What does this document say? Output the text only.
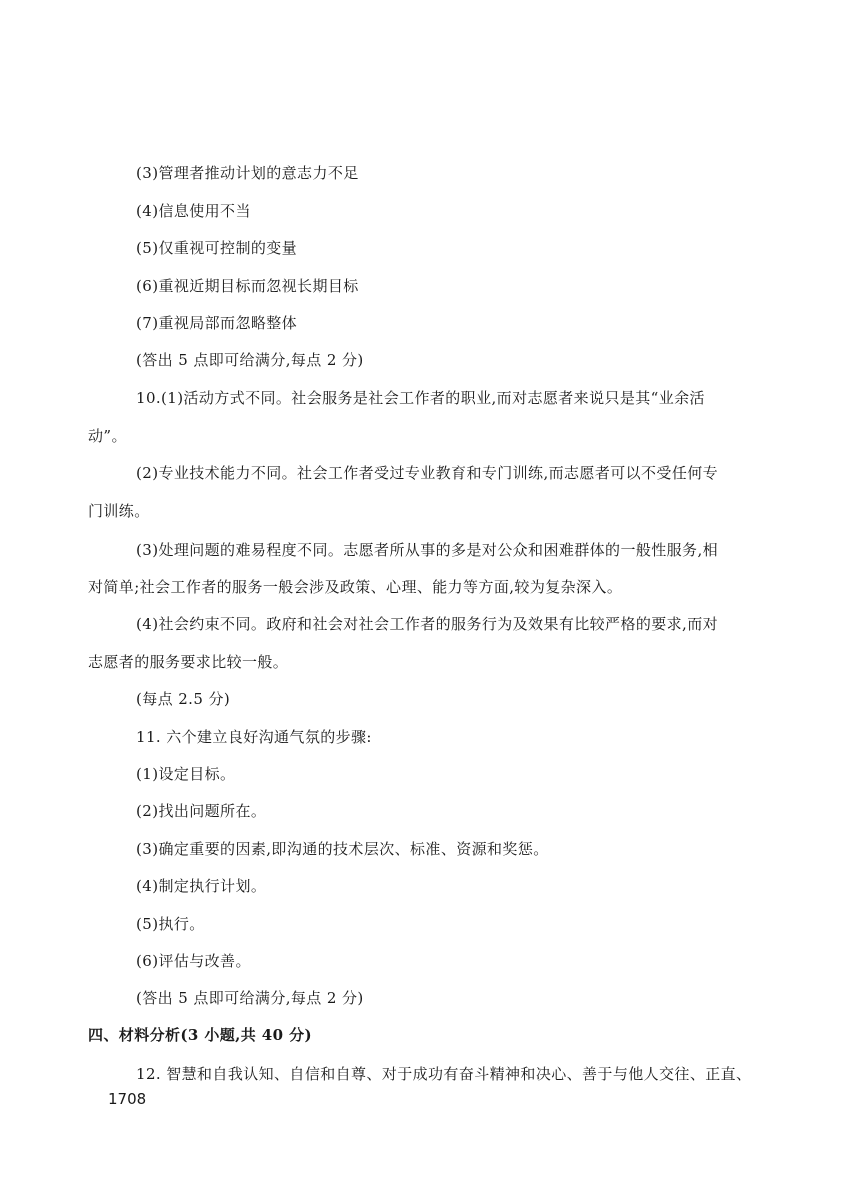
(3)管理者推动计划的意志力不足
(4)信息使用不当
(5)仅重视可控制的变量
(6)重视近期目标而忽视长期目标
(7)重视局部而忽略整体
(答出 5 点即可给满分,每点 2 分)
10.(1)活动方式不同。社会服务是社会工作者的职业,而对志愿者来说只是其“业余活
动”。
(2)专业技术能力不同。社会工作者受过专业教育和专门训练,而志愿者可以不受任何专
门训练。
(3)处理问题的难易程度不同。志愿者所从事的多是对公众和困难群体的一般性服务,相
对简单;社会工作者的服务一般会涉及政策、心理、能力等方面,较为复杂深入。
(4)社会约束不同。政府和社会对社会工作者的服务行为及效果有比较严格的要求,而对
志愿者的服务要求比较一般。
(每点 2.5 分)
11. 六个建立良好沟通气氛的步骤:
(1)设定目标。
(2)找出问题所在。
(3)确定重要的因素,即沟通的技术层次、标准、资源和奖惩。
(4)制定执行计划。
(5)执行。
(6)评估与改善。
(答出 5 点即可给满分,每点 2 分)
四、材料分析(3 小题,共 40 分)
12. 智慧和自我认知、自信和自尊、对于成功有奋斗精神和决心、善于与他人交往、正直、
1708
